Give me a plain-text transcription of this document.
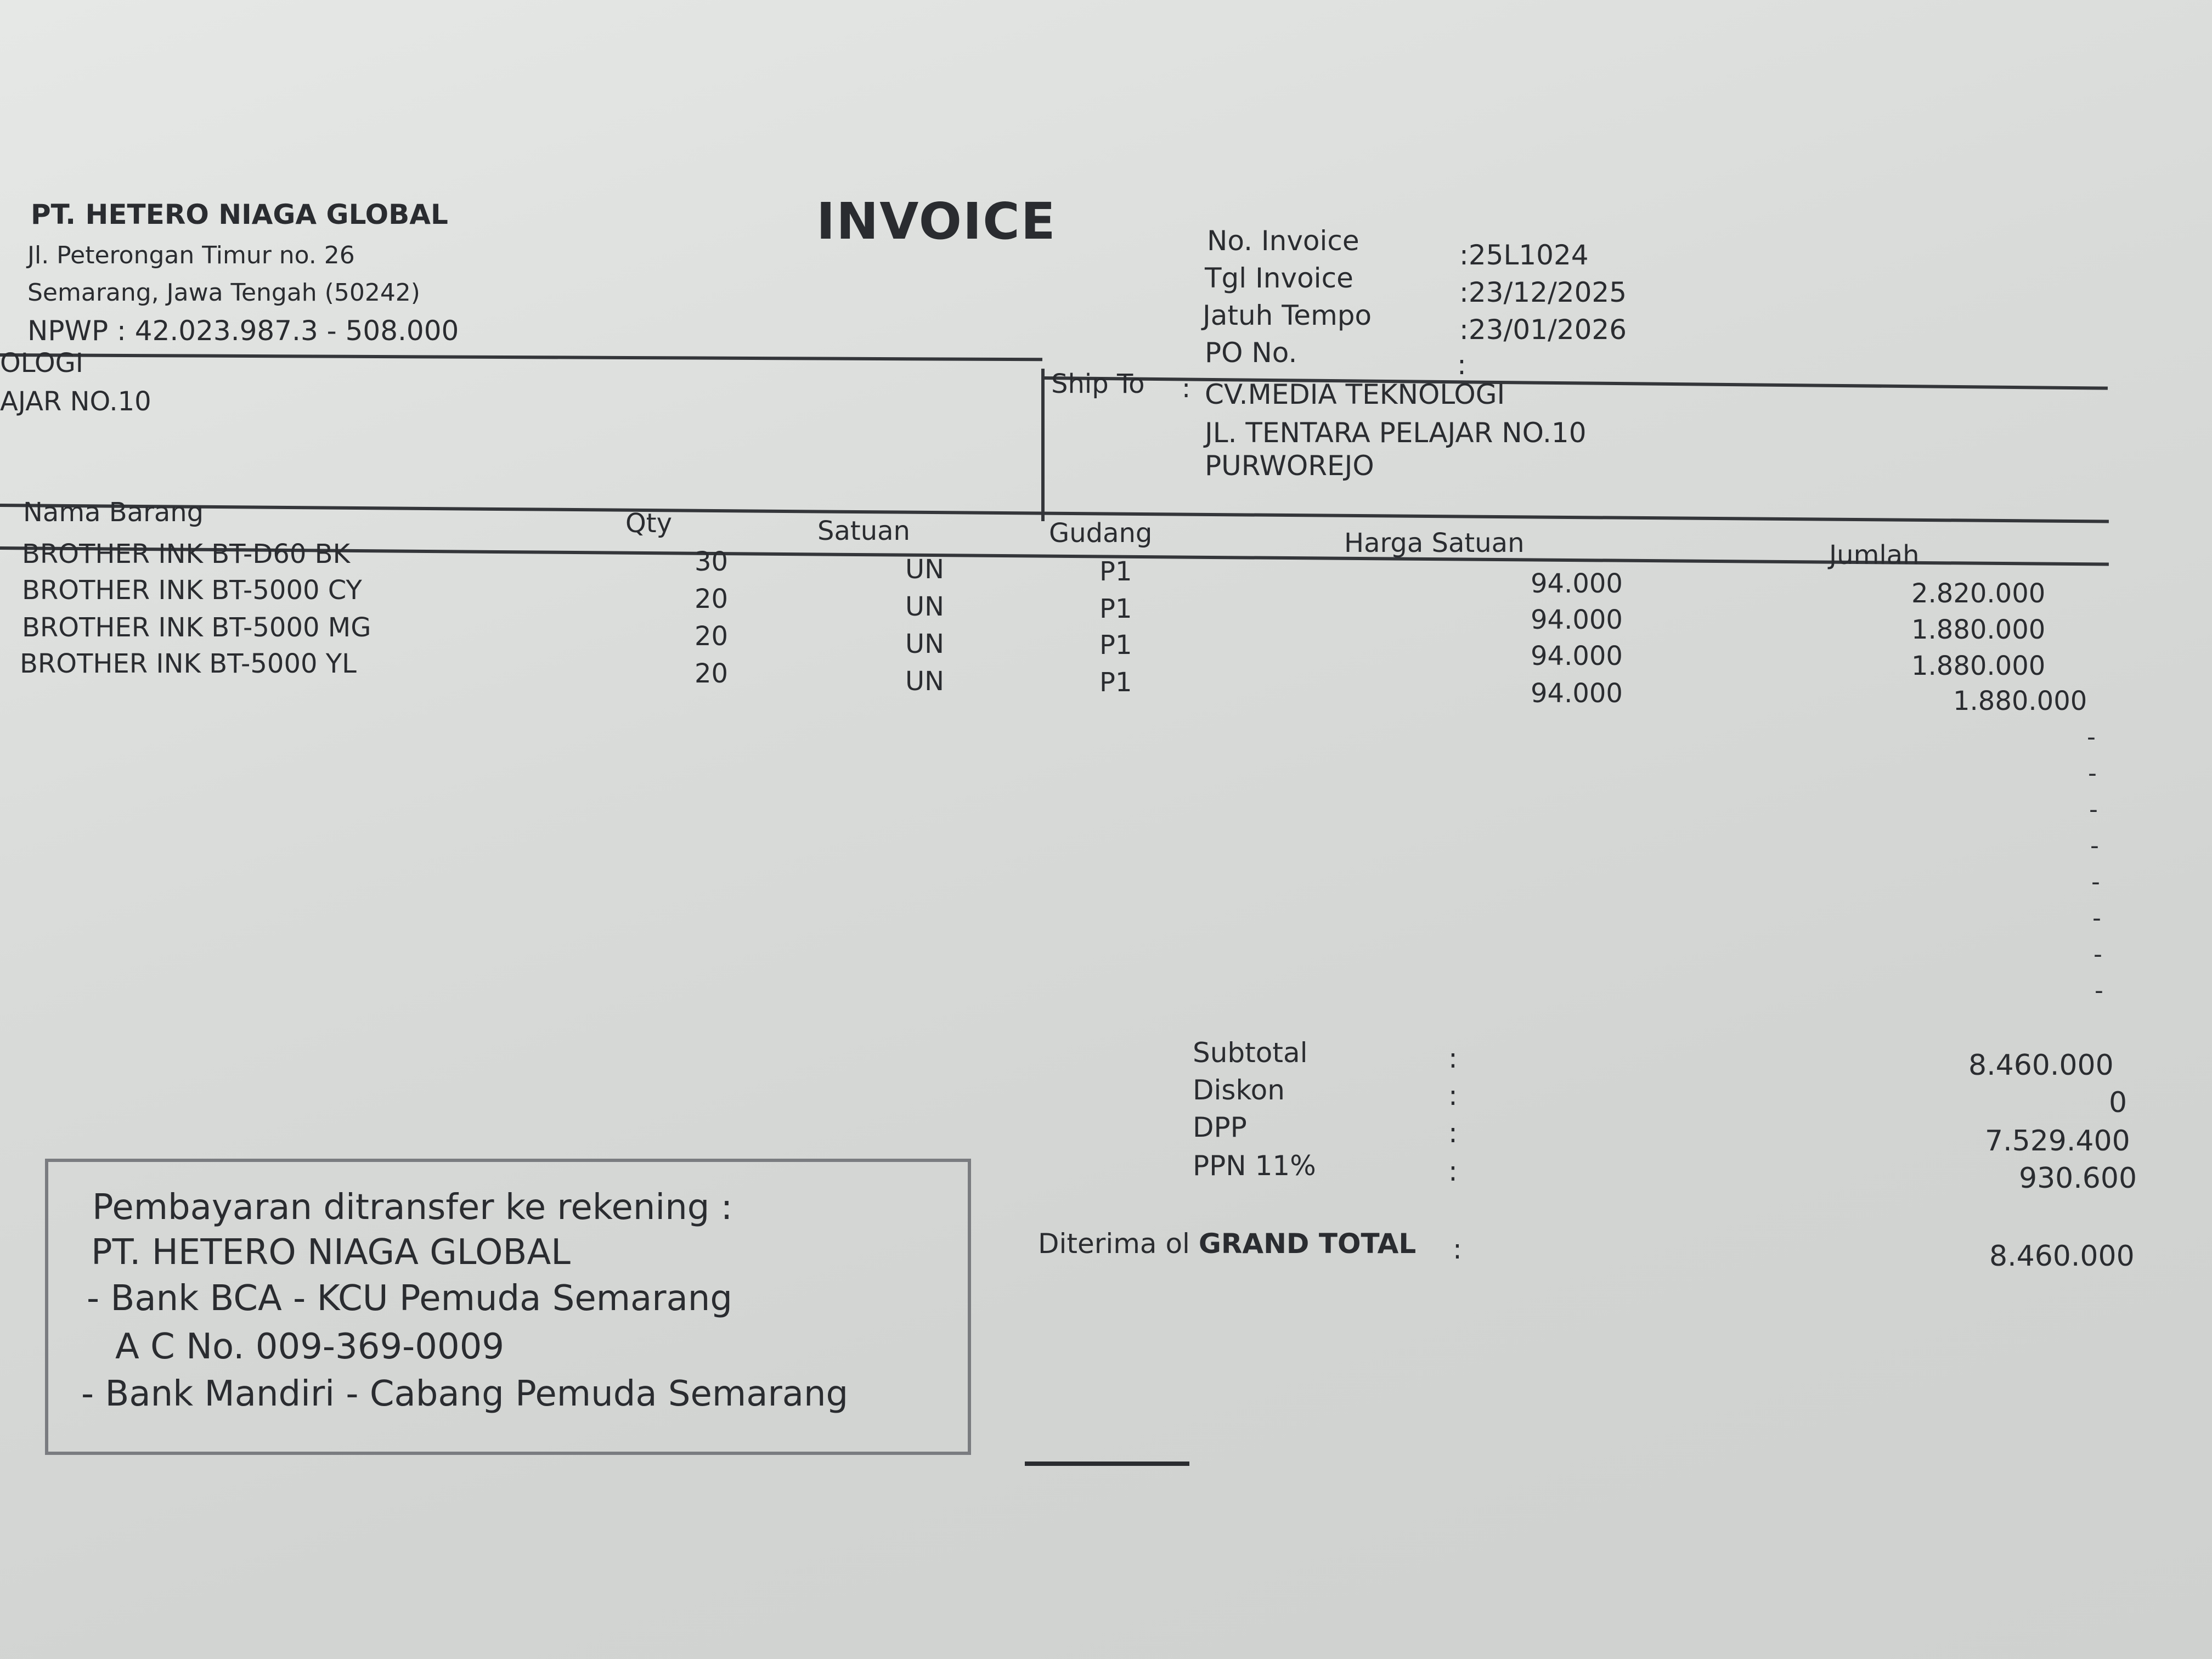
PT. HETERO NIAGA GLOBAL
Jl. Peterongan Timur no. 26
Semarang, Jawa Tengah (50242)
NPWP : 42.023.987.3 - 508.000
INVOICE	No. Invoice	:25L1024
Tgl Invoice	:23/12/2025
Jatuh Tempo	:23/01/2026
PO No.	:
OLOGI
AJAR NO.10
Ship To : CV.MEDIA TEKNOLOGI
JL. TENTARA PELAJAR NO.10
PURWOREJO
Nama Barang	Qty	Satuan	Gudang	Harga Satuan	Jumlah
BROTHER INK BT-D60 BK	30	UN	P1	94.000	2.820.000
BROTHER INK BT-5000 CY	20	UN	P1	94.000	1.880.000
BROTHER INK BT-5000 MG	20	UN	P1	94.000	1.880.000
BROTHER INK BT-5000 YL	20	UN	P1	94.000	1.880.000
-
-
-
-
-
-
-
-
Subtotal	:	8.460.000
Diskon	:	0
DPP	:	7.529.400
PPN 11%	:	930.600
Diterima ol GRAND TOTAL :	8.460.000
Pembayaran ditransfer ke rekening :
PT. HETERO NIAGA GLOBAL
- Bank BCA - KCU Pemuda Semarang
A C No. 009-369-0009
- Bank Mandiri - Cabang Pemuda Semarang
